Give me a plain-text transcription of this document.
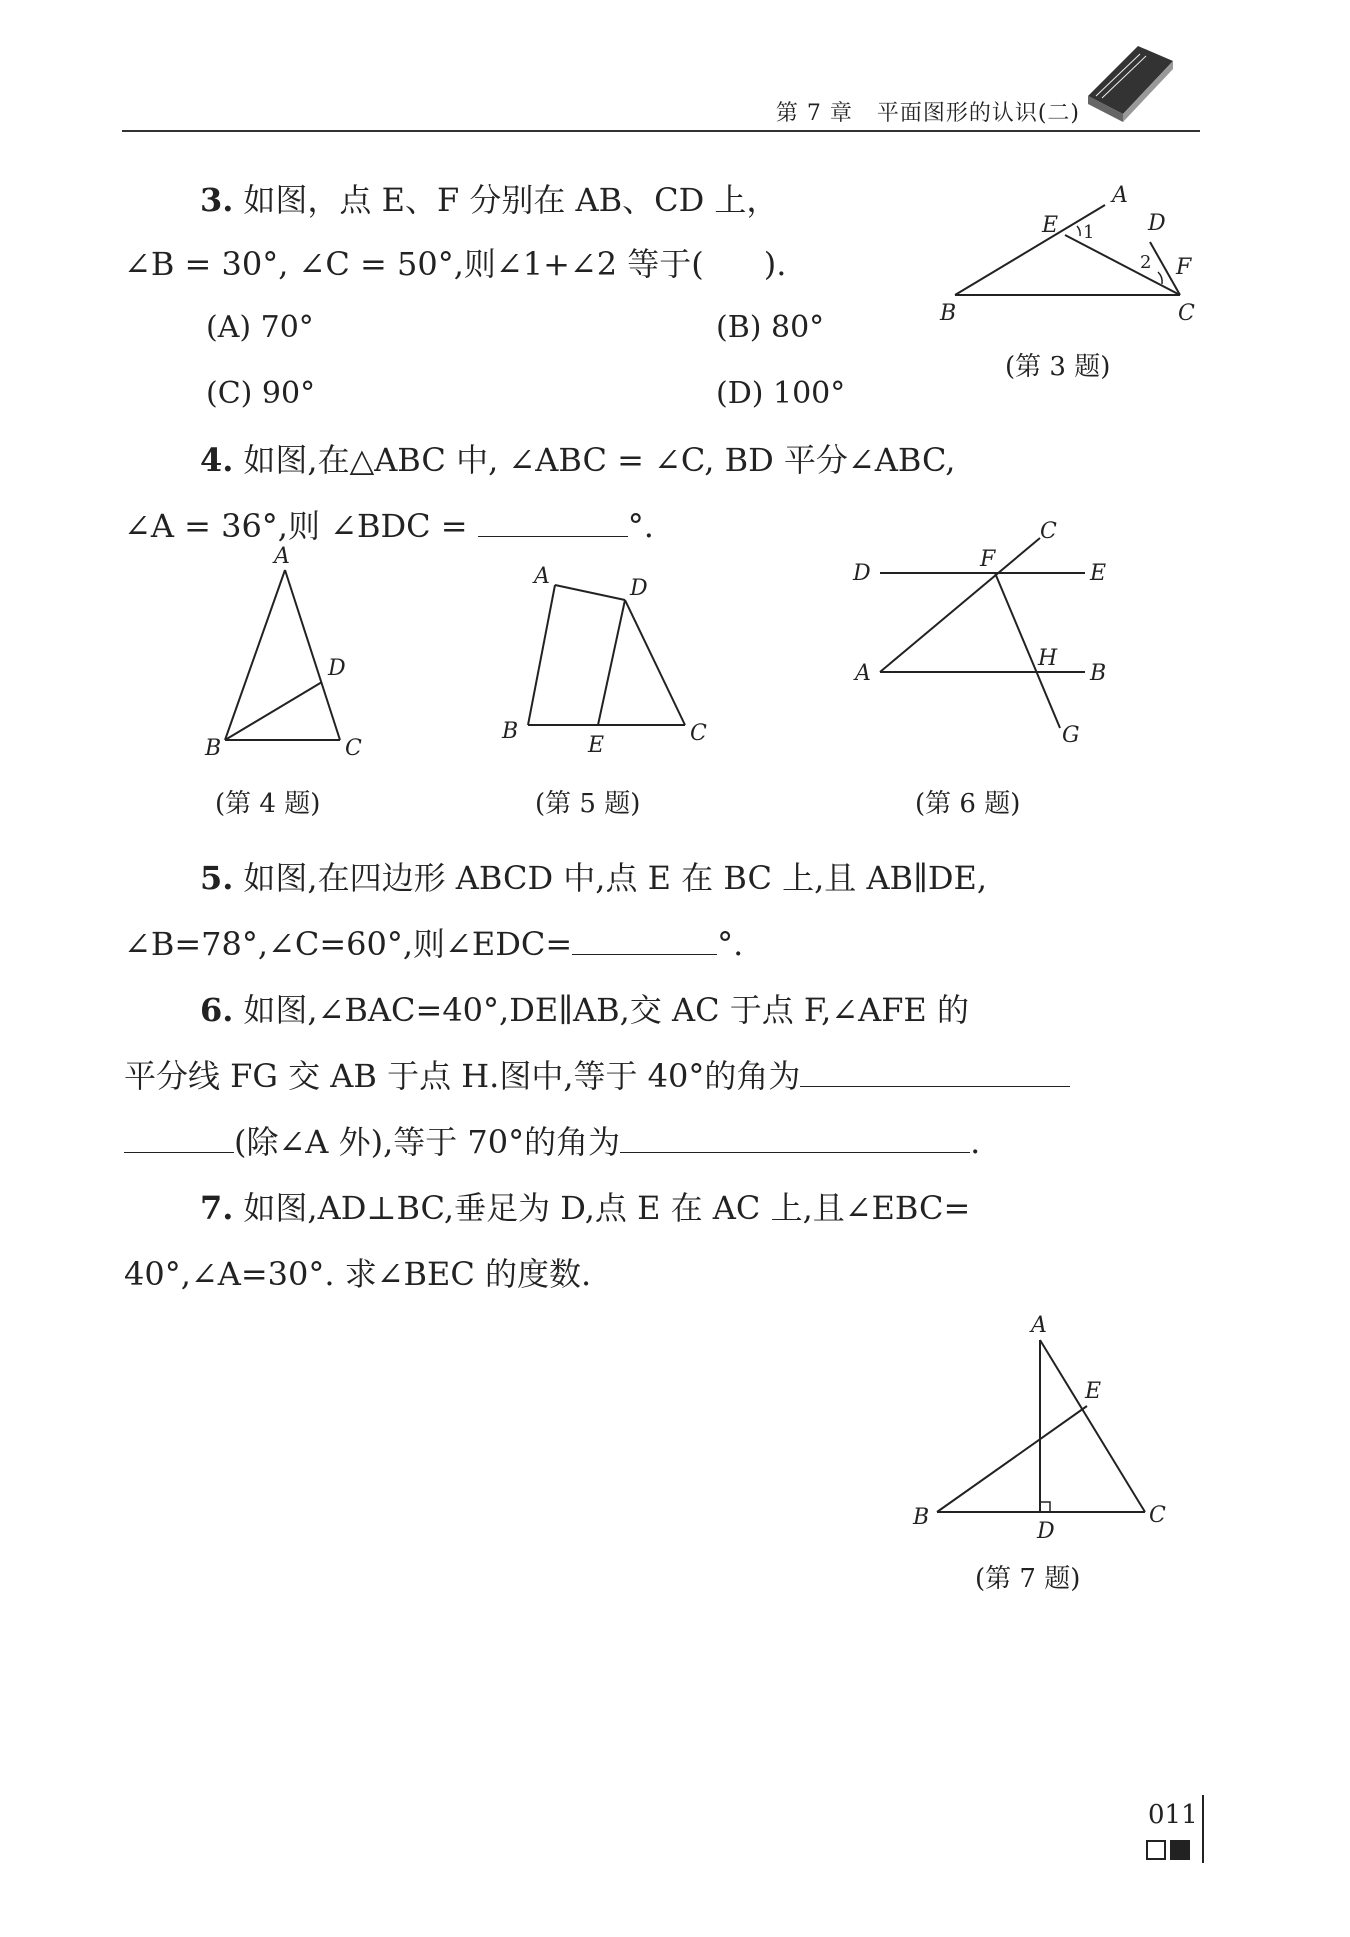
第 7 章 平面图形的认识(二)
3. 如图，点 E、F 分别在 AB、CD 上，
∠B = 30°, ∠C = 50°,则∠1+∠2 等于( ).
(A) 70°	(B) 80°
(C) 90°	(D) 100°
A
B	C
D
E
F
1
2
(第 3 题)
4. 如图,在△ABC 中, ∠ABC = ∠C, BD 平分∠ABC,
∠A = 36°,则 ∠BDC =	°.
A
B	C
D
(第 4 题)
A	D
B
E	C
(第 5 题)
D	E
A	B
C
F
H
G
(第 6 题)
5. 如图,在四边形 ABCD 中,点 E 在 BC 上,且 AB∥DE,
∠B=78°,∠C=60°,则∠EDC=	°.
6. 如图,∠BAC=40°,DE∥AB,交 AC 于点 F,∠AFE 的
平分线 FG 交 AB 于点 H.图中,等于 40°的角为
(除∠A 外),等于 70°的角为	.
7. 如图,AD⊥BC,垂足为 D,点 E 在 AC 上,且∠EBC=
40°,∠A=30°. 求∠BEC 的度数.
A
E
B	C
D
(第 7 题)
011
